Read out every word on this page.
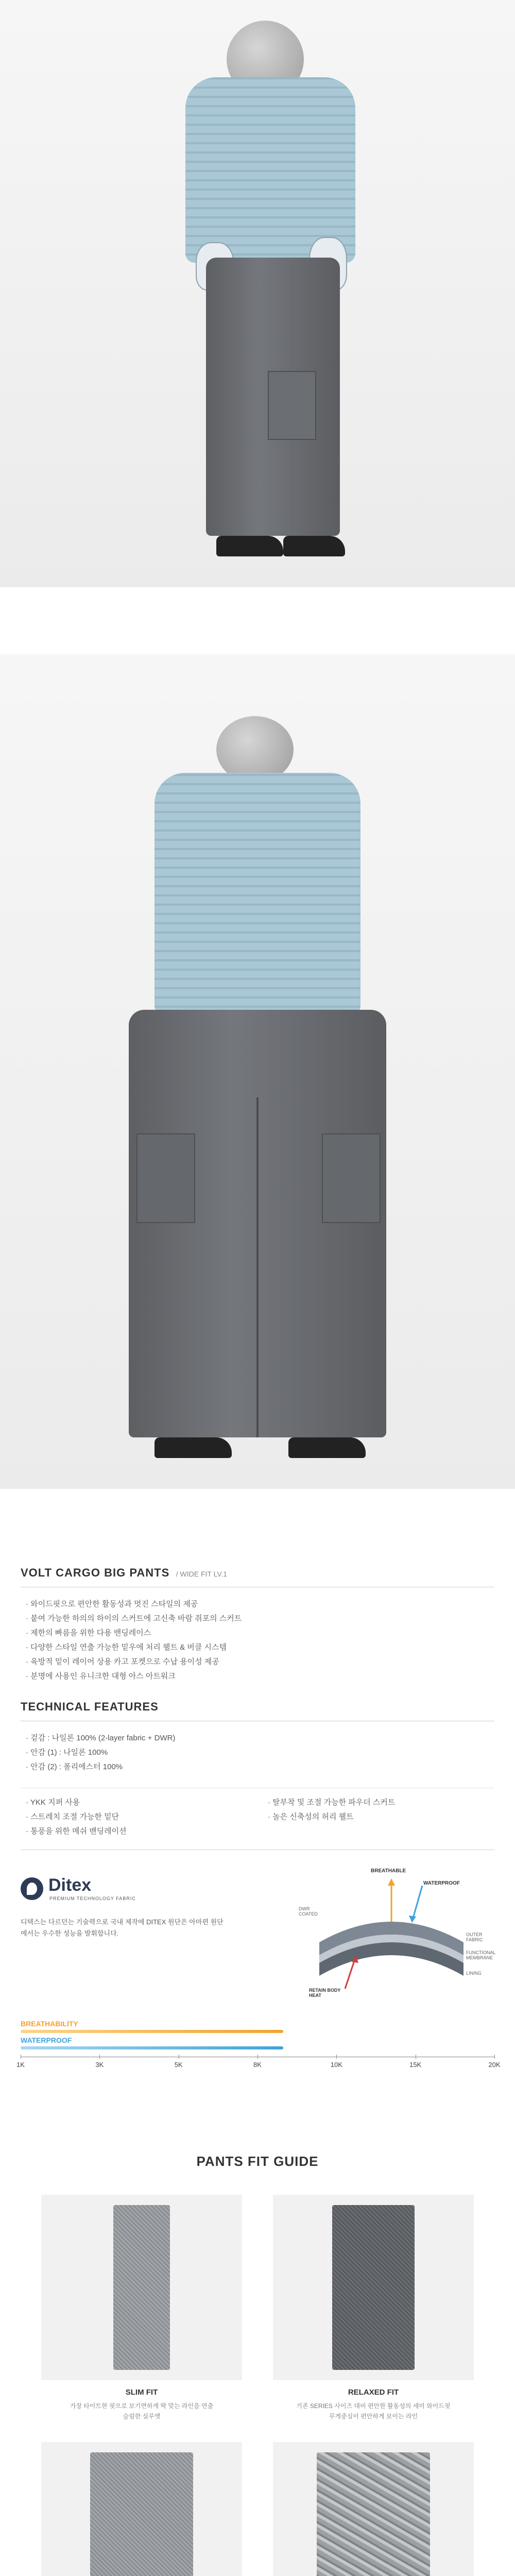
VOLT CARGO BIG PANTS / WIDE FIT LV.1
· 와이드핏으로 편안한 활동성과 멋진 스타일의 제공
· 붙여 가능한 하의의 하이의 스커트에 고신축 바람 쥐포의 스커트
· 제한의 빠름을 위한 다용 밴딩레이스
· 다양한 스타일 연출 가능한 밑우에 처리 웰트 & 버클 시스템
· 육방적 밑이 레이어 상용 카고 포켓으로 수납 용이성 제공
· 분명에 사용인 유니크한 대형 아스 아트워크
TECHNICAL FEATURES
· 겉감 : 나일론 100% (2-layer fabric + DWR)
· 안감 (1) : 나일론 100%
· 안감 (2) : 폴리에스터 100%
· YKK 지퍼 사용
· 스트레치 조절 가능한 밑단
· 통풍을 위한 메쉬 밴딩레이션
· 탈부착 및 조절 가능한 파우더 스커트
· 놀은 신축성의 허리 웰트
Ditex
PREMIUM TECHNOLOGY FABRIC
디텍스는 다르던는 기술력으로 국내 제작에 DITEX 원단은 아마편 원단에서는 우수한 성능을 발휘합니다.
BREATHABLE
WATERPROOF
DWR COATED
OUTER FABRIC
FUNCTIONAL MEMBRANE
LINING
RETAIN BODY HEAT
BREATHABILITY
WATERPROOF
1K	3K	5K	8K	10K	15K	20K
PANTS FIT GUIDE
SLIM FIT
가장 타이트한 핏으로 보기면하게 딱 맞는 라인을 연출
슬림한 실루엣
RELAXED FIT
기존 SERIES 사이즈 대비 편안한 활동성의 세미 와이드핏
무게중심이 편안하게 보이는 라인
